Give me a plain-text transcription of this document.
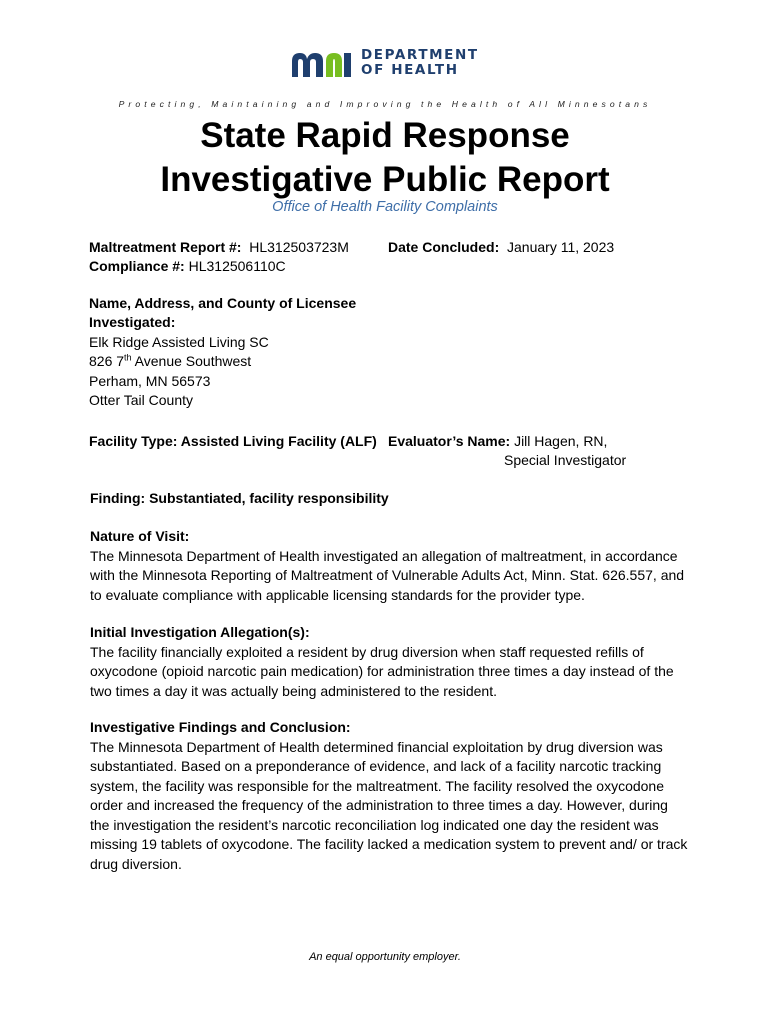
DEPARTMENT
OF HEALTH
Protecting, Maintaining and Improving the Health of All Minnesotans
State Rapid Response
Investigative Public Report
Office of Health Facility Complaints
Maltreatment Report #: HL312503723M
Compliance #: HL312506110C
Date Concluded: January 11, 2023
Name, Address, and County of Licensee
Investigated:
Elk Ridge Assisted Living SC
826 7th Avenue Southwest
Perham, MN 56573
Otter Tail County
Facility Type: Assisted Living Facility (ALF) Evaluator’s Name: Jill Hagen, RN,
Special Investigator
Finding: Substantiated, facility responsibility
Nature of Visit:
The Minnesota Department of Health investigated an allegation of maltreatment, in accordance with the Minnesota Reporting of Maltreatment of Vulnerable Adults Act, Minn. Stat. 626.557, and to evaluate compliance with applicable licensing standards for the provider type.
Initial Investigation Allegation(s):
The facility financially exploited a resident by drug diversion when staff requested refills of oxycodone (opioid narcotic pain medication) for administration three times a day instead of the two times a day it was actually being administered to the resident.
Investigative Findings and Conclusion:
The Minnesota Department of Health determined financial exploitation by drug diversion was substantiated. Based on a preponderance of evidence, and lack of a facility narcotic tracking system, the facility was responsible for the maltreatment. The facility resolved the oxycodone order and increased the frequency of the administration to three times a day. However, during the investigation the resident’s narcotic reconciliation log indicated one day the resident was missing 19 tablets of oxycodone. The facility lacked a medication system to prevent and/ or track drug diversion.
An equal opportunity employer.
